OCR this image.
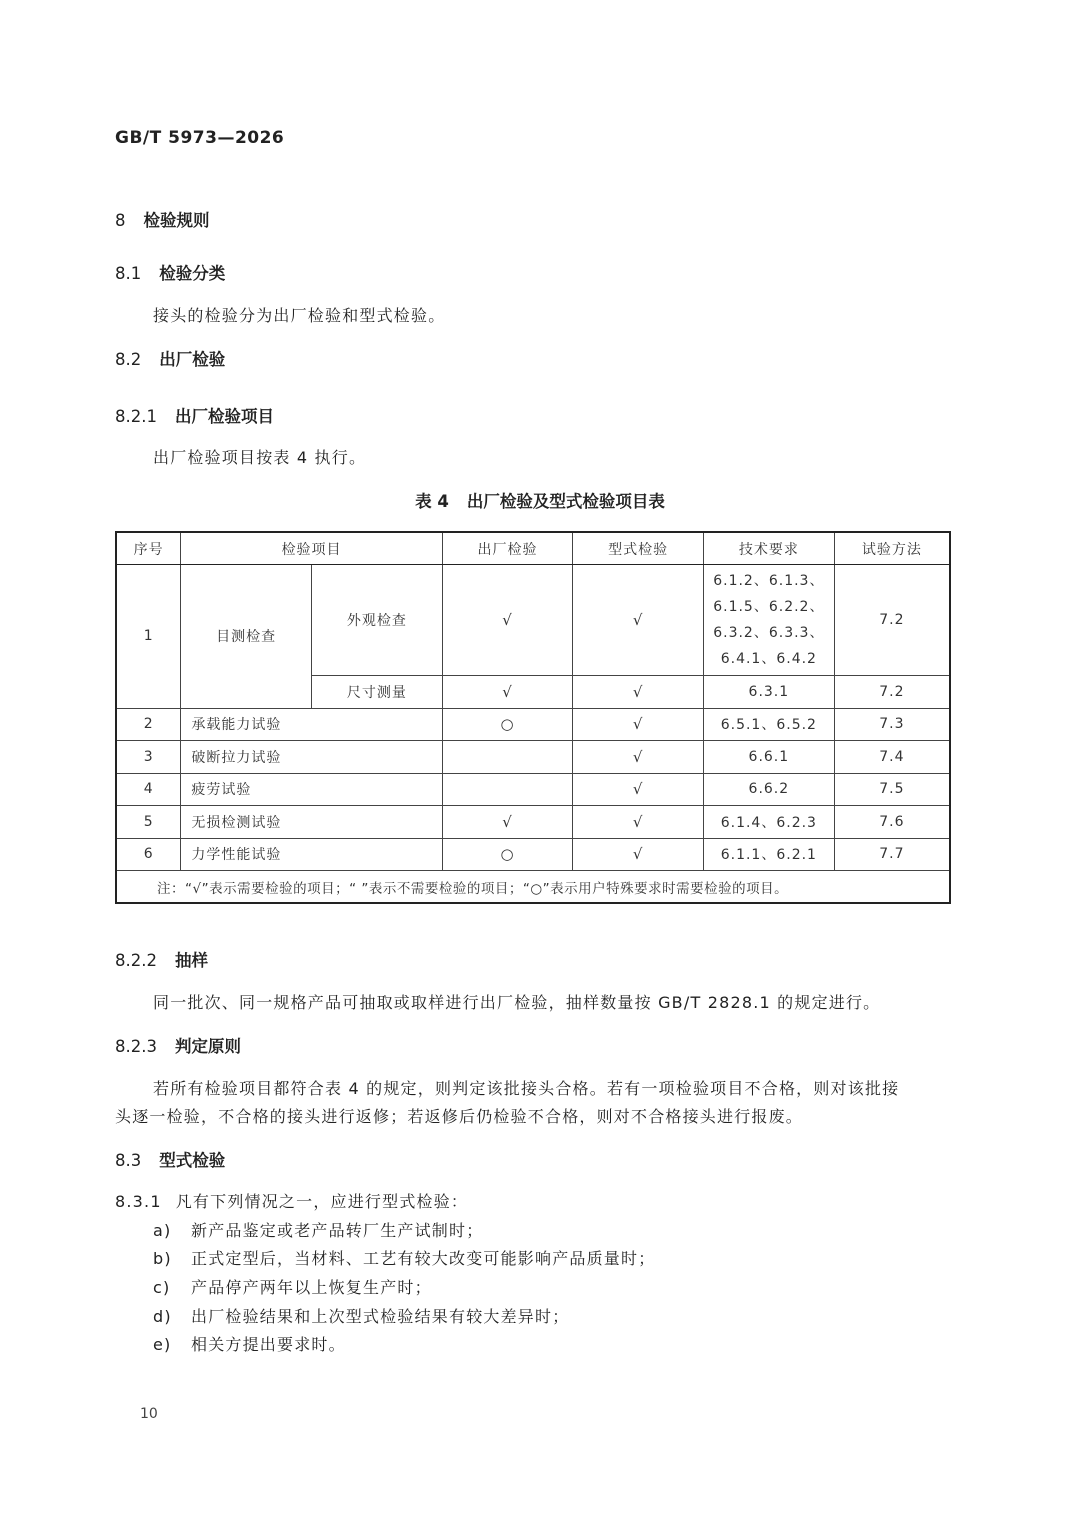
GB/T 5973—2026
8 检验规则
8.1 检验分类
接头的检验分为出厂检验和型式检验。
8.2 出厂检验
8.2.1 出厂检验项目
出厂检验项目按表 4 执行。
表 4 出厂检验及型式检验项目表
序号	检验项目		出厂检验	型式检验	技术要求	试验方法
1	目测检查	外观检查	√	√	6.1.2、6.1.3、
6.1.5、6.2.2、
6.3.2、6.3.3、
6.4.1、6.4.2	7.2
		尺寸测量	√	√	6.3.1	7.2
2	承载能力试验		○	√	6.5.1、6.5.2	7.3
3	破断拉力试验			√	6.6.1	7.4
4	疲劳试验			√	6.6.2	7.5
5	无损检测试验		√	√	6.1.4、6.2.3	7.6
6	力学性能试验		○	√	6.1.1、6.2.1	7.7
注：“√”表示需要检验的项目；“ ”表示不需要检验的项目；“○”表示用户特殊要求时需要检验的项目。						
8.2.2 抽样
同一批次、同一规格产品可抽取或取样进行出厂检验，抽样数量按 GB/T 2828.1 的规定进行。
8.2.3 判定原则
若所有检验项目都符合表 4 的规定，则判定该批接头合格。若有一项检验项目不合格，则对该批接
头逐一检验，不合格的接头进行返修；若返修后仍检验不合格，则对不合格接头进行报废。
8.3 型式检验
8.3.1 凡有下列情况之一，应进行型式检验：
a) 新产品鉴定或老产品转厂生产试制时；
b) 正式定型后，当材料、工艺有较大改变可能影响产品质量时；
c) 产品停产两年以上恢复生产时；
d) 出厂检验结果和上次型式检验结果有较大差异时；
e) 相关方提出要求时。
10
